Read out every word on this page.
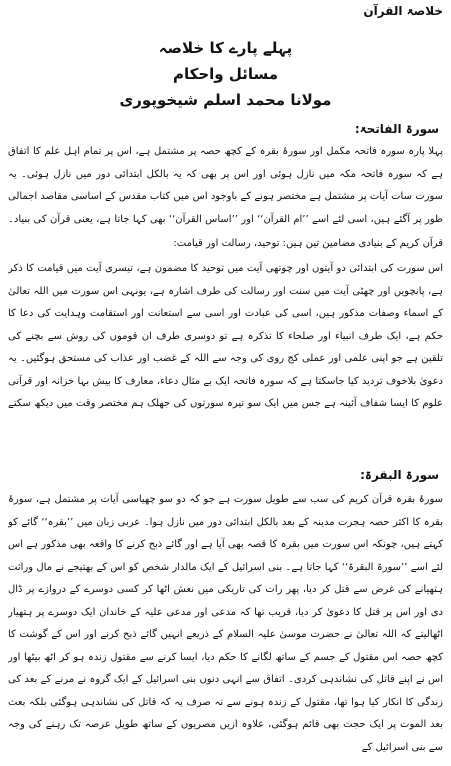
خلاصۃ القرآن
پہلے پارے کا خلاصہ
مسائل واحکام
مولانا محمد اسلم شیخوپوری
سورۃ الفاتحۃ:

پہلا پارہ سورہ فاتحہ مکمل اور سورۂ بقرہ کے کچھ حصہ پر مشتمل ہے، اس پر تمام اہل علم کا اتفاق ہے کہ سورہ فاتحہ مکہ میں نازل ہوئی اور اس پر بھی کہ یہ بالکل ابتدائی دور میں نازل ہوئی۔ یہ سورت سات آیات پر مشتمل ہے مختصر ہونے کے باوجود اس میں کتاب مقدس کے اساسی مقاصد اجمالی طور پر آگئے ہیں، اسی لئے اسے ’’ام القرآن‘‘ اور ’’اساس القرآن‘‘ بھی کہا جاتا ہے، یعنی قرآن کی بنیاد۔

قرآن کریم کے بنیادی مضامین تین ہیں: توحید، رسالت اور قیامت:

اس سورت کی ابتدائی دو آیتوں اور چوتھی آیت میں توحید کا مضمون ہے، تیسری آیت میں قیامت کا ذکر ہے، پانچویں اور چھٹی آیت میں سنت اور رسالت کی طرف اشارہ ہے، یونہی اس سورت میں اللہ تعالیٰ کے اسماء وصفات مذکور ہیں، اسی کی عبادت اور اسی سے استعانت اور استقامت وہدایت کی دعا کا حکم ہے، ایک طرف انبیاء اور صلحاء کا تذکرہ ہے تو دوسری طرف ان قوموں کی روش سے بچنے کی تلقین ہے جو اپنی علمی اور عملی کج روی کی وجہ سے اللہ کے غضب اور عذاب کی مستحق ہوگئیں۔ یہ دعویٰ بلاخوف تردید کیا جاسکتا ہے کہ سورہ فاتحہ ایک بے مثال دعاء، معارف کا بیش بہا خزانہ اور قرآنی علوم کا ایسا شفاف آئینہ ہے جس میں ایک سو تیرہ سورتوں کی جھلک ہم مختصر وقت میں دیکھ سکتے

سورۃ البقرۃ:

سورۂ بقرہ قرآن کریم کی سب سے طویل سورت ہے جو کہ دو سو چھیاسی آیات پر مشتمل ہے، سورۂ بقرہ کا اکثر حصہ ہجرت مدینہ کے بعد بالکل ابتدائی دور میں نازل ہوا۔ عربی زبان میں ’’بقرہ‘‘ گائے کو کہتے ہیں، چونکہ اس سورت میں بقرہ کا قصہ بھی آیا ہے اور گائے ذبح کرنے کا واقعہ بھی مذکور ہے اس لئے اسے ’’سورۃ البقرۃ‘‘ کہا جاتا ہے۔ بنی اسرائیل کے ایک مالدار شخص کو اس کے بھتیجے نے مال وراثت ہتھیانے کی غرض سے قتل کر دیا، پھر رات کی تاریکی میں نعش اٹھا کر کسی دوسرے کے دروازے پر ڈال دی اور اس پر قتل کا دعویٰ کر دیا، قریب تھا کہ مدعی اور مدعی علیہ کے خاندان ایک دوسرے پر ہتھیار اٹھالیتے کہ اللہ تعالیٰ نے حضرت موسیٰ علیہ السلام کے ذریعے انہیں گائے ذبح کرنے اور اس کے گوشت کا کچھ حصہ اس مقتول کے جسم کے ساتھ لگانے کا حکم دیا، ایسا کرنے سے مقتول زندہ ہو کر اٹھ بیٹھا اور اس نے اپنے قاتل کی نشاندہی کردی۔ اتفاق سے انہی دنوں بنی اسرائیل کے ایک گروہ نے مرنے کے بعد کی زندگی کا انکار کیا ہوا تھا، مقتول کے زندہ ہونے سے نہ صرف یہ کہ قاتل کی نشاندہی ہوگئی بلکہ بعث بعد الموت پر ایک حجت بھی قائم ہوگئی، علاوہ ازیں مصریوں کے ساتھ طویل عرصہ تک رہنے کی وجہ سے بنی اسرائیل کے
